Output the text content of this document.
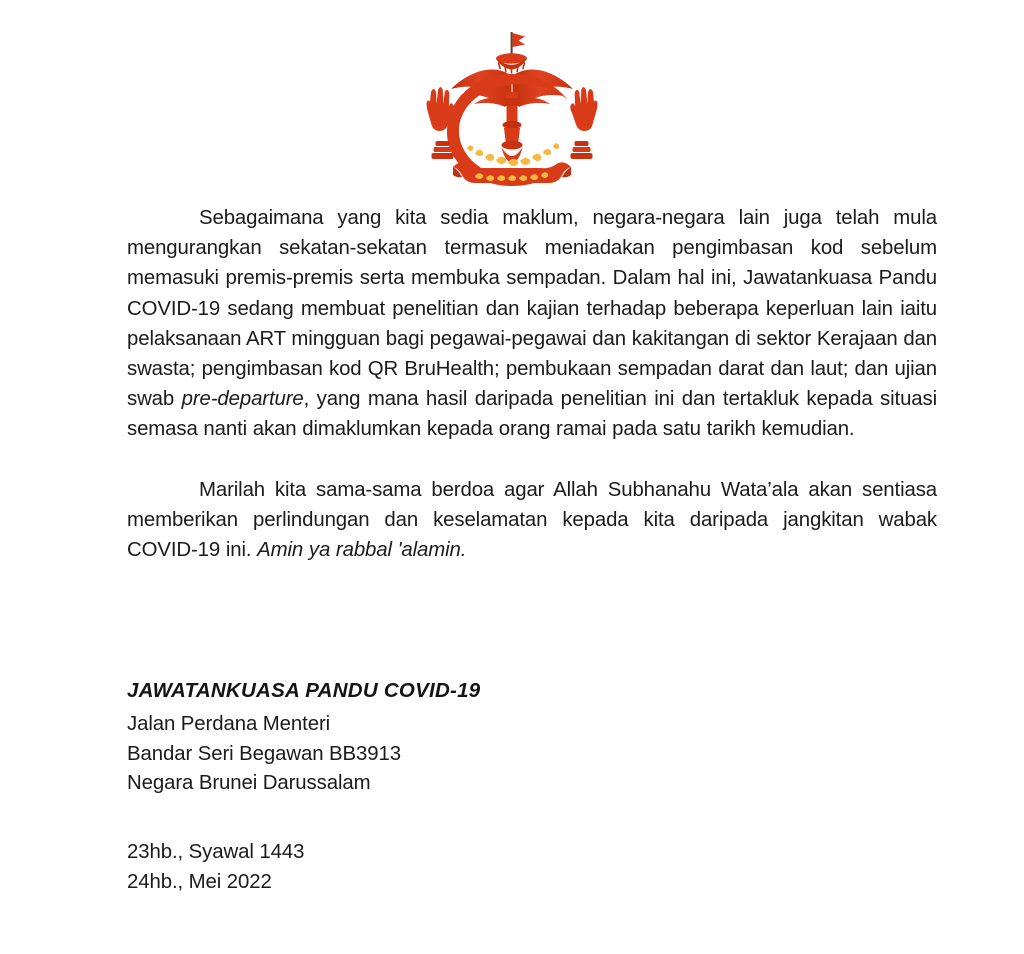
Sebagaimana yang kita sedia maklum, negara-negara lain juga telah mula mengurangkan sekatan-sekatan termasuk meniadakan pengimbasan kod sebelum memasuki premis-premis serta membuka sempadan. Dalam hal ini, Jawatankuasa Pandu COVID-19 sedang membuat penelitian dan kajian terhadap beberapa keperluan lain iaitu pelaksanaan ART mingguan bagi pegawai-pegawai dan kakitangan di sektor Kerajaan dan swasta; pengimbasan kod QR BruHealth; pembukaan sempadan darat dan laut; dan ujian swab pre-departure, yang mana hasil daripada penelitian ini dan tertakluk kepada situasi semasa nanti akan dimaklumkan kepada orang ramai pada satu tarikh kemudian.

Marilah kita sama-sama berdoa agar Allah Subhanahu Wata’ala akan sentiasa memberikan perlindungan dan keselamatan kepada kita daripada jangkitan wabak COVID-19 ini. Amin ya rabbal 'alamin.

JAWATANKUASA PANDU COVID-19

Jalan Perdana Menteri

Bandar Seri Begawan BB3913

Negara Brunei Darussalam

23hb., Syawal 1443

24hb., Mei 2022
